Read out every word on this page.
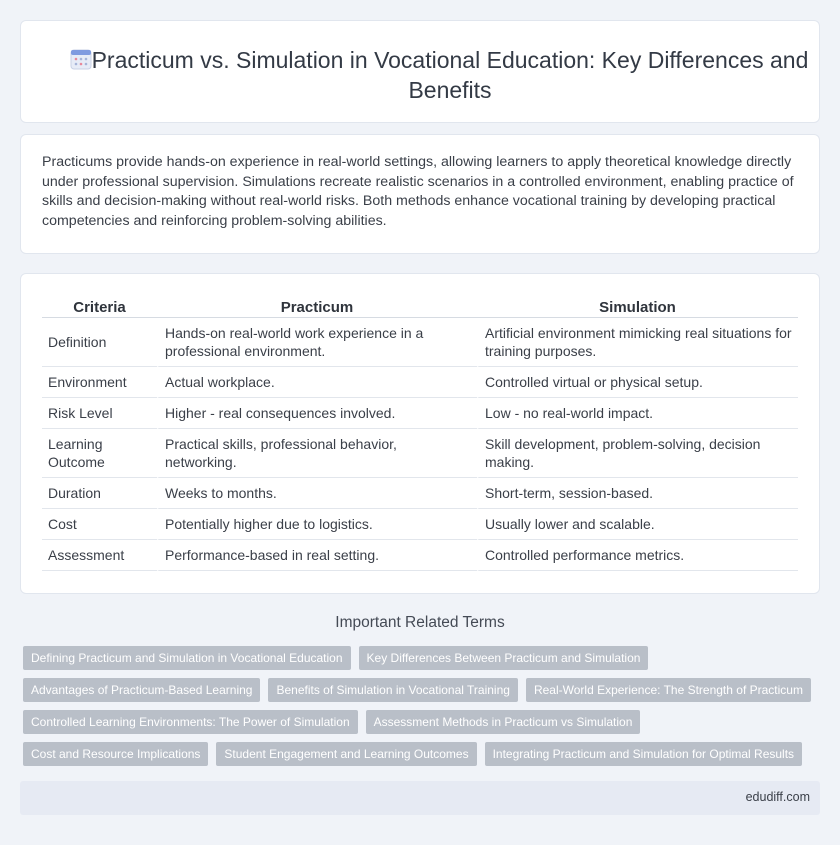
Practicum vs. Simulation in Vocational Education: Key Differences and Benefits

Practicums provide hands-on experience in real-world settings, allowing learners to apply theoretical knowledge directly under professional supervision. Simulations recreate realistic scenarios in a controlled environment, enabling practice of skills and decision-making without real-world risks. Both methods enhance vocational training by developing practical competencies and reinforcing problem-solving abilities.

Criteria	Practicum	Simulation
Definition	Hands-on real-world work experience in a professional environment.	Artificial environment mimicking real situations for training purposes.
Environment	Actual workplace.	Controlled virtual or physical setup.
Risk Level	Higher - real consequences involved.	Low - no real-world impact.
Learning Outcome	Practical skills, professional behavior, networking.	Skill development, problem-solving, decision making.
Duration	Weeks to months.	Short-term, session-based.
Cost	Potentially higher due to logistics.	Usually lower and scalable.
Assessment	Performance-based in real setting.	Controlled performance metrics.
Important Related Terms
Defining Practicum and Simulation in Vocational Education	Key Differences Between Practicum and Simulation
Advantages of Practicum-Based Learning	Benefits of Simulation in Vocational Training	Real-World Experience: The Strength of Practicum
Controlled Learning Environments: The Power of Simulation	Assessment Methods in Practicum vs Simulation
Cost and Resource Implications	Student Engagement and Learning Outcomes	Integrating Practicum and Simulation for Optimal Results
edudiff.com
